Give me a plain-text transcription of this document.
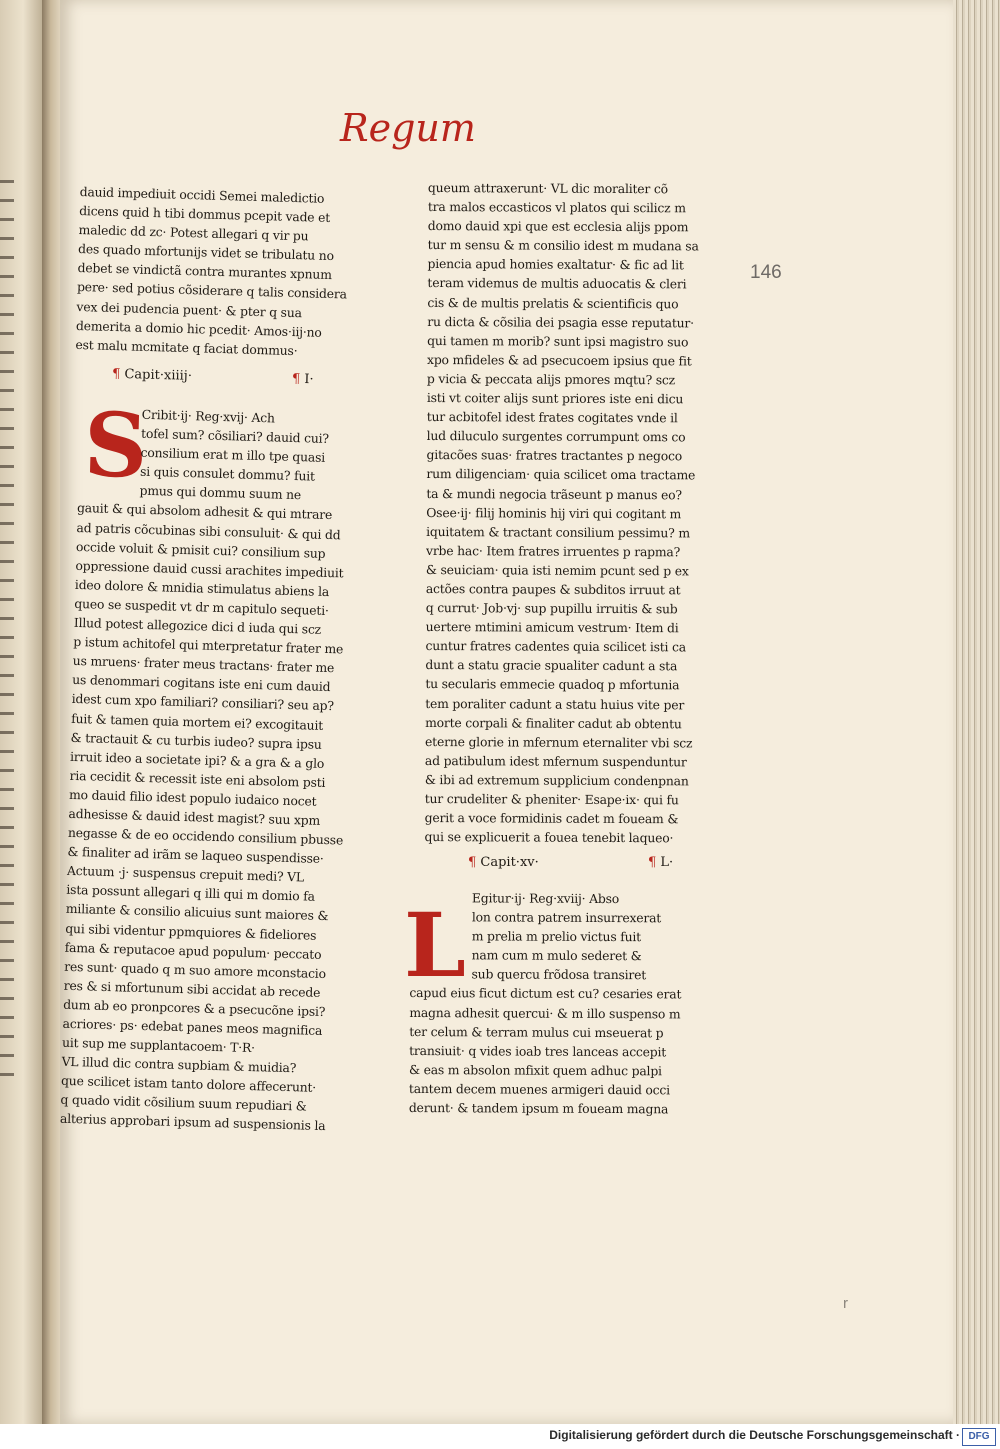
Regum
146
r
dauid impediuit occidi Semei maledictio
dicens quid h tibi dommus pcepit vade et
maledic dd zc· Potest allegari q vir pu
des quado mfortunijs videt se tribulatu no
debet se vindictã contra murantes xpnum
pere· sed potius cõsiderare q talis considera
vex dei pudencia puent· & pter q sua
demerita a domio hic pcedit· Amos·iij·no
est malu mcmitate q faciat dommus·
¶ Capit·xiiij·	¶ I·
S
Cribit·ij· Reg·xvij· Ach
tofel sum? cõsiliari? dauid cui?
consilium erat m illo tpe quasi
si quis consulet dommu? fuit
pmus qui dommu suum ne
gauit & qui absolom adhesit & qui mtrare
ad patris cõcubinas sibi consuluit· & qui dd
occide voluit & pmisit cui? consilium sup
oppressione dauid cussi arachites impediuit
ideo dolore & mnidia stimulatus abiens la
queo se suspedit vt dr m capitulo sequeti·
Illud potest allegozice dici d iuda qui scz
p istum achitofel qui mterpretatur frater me
us mruens· frater meus tractans· frater me
us denommari cogitans iste eni cum dauid
idest cum xpo familiari? consiliari? seu ap?
fuit & tamen quia mortem ei? excogitauit
& tractauit & cu turbis iudeo? supra ipsu
irruit ideo a societate ipi? & a gra & a glo
ria cecidit & recessit iste eni absolom psti
mo dauid filio idest populo iudaico nocet
adhesisse & dauid idest magist? suu xpm
negasse & de eo occidendo consilium pbusse
& finaliter ad irãm se laqueo suspendisse·
Actuum ·j· suspensus crepuit medi? VL
ista possunt allegari q illi qui m domio fa
miliante & consilio alicuius sunt maiores &
qui sibi videntur ppmquiores & fideliores
fama & reputacoe apud populum· peccato
res sunt· quado q m suo amore mconstacio
res & si mfortunum sibi accidat ab recede
dum ab eo pronpcores & a psecucõne ipsi?
acriores· ps· edebat panes meos magnifica
uit sup me supplantacoem· T·R·
VL illud dic contra supbiam & muidia?
que scilicet istam tanto dolore affecerunt·
q quado vidit cõsilium suum repudiari &
alterius approbari ipsum ad suspensionis la
queum attraxerunt· VL dic moraliter cõ
tra malos eccasticos vl platos qui scilicz m
domo dauid xpi que est ecclesia alijs ppom
tur m sensu & m consilio idest m mudana sa
piencia apud homies exaltatur· & fic ad lit
teram videmus de multis aduocatis & cleri
cis & de multis prelatis & scientificis quo
ru dicta & cõsilia dei psagia esse reputatur·
qui tamen m morib? sunt ipsi magistro suo
xpo mfideles & ad psecucoem ipsius que fit
p vicia & peccata alijs pmores mqtu? scz
isti vt coiter alijs sunt priores iste eni dicu
tur acbitofel idest frates cogitates vnde il
lud diluculo surgentes corrumpunt oms co
gitacões suas· fratres tractantes p negoco
rum diligenciam· quia scilicet oma tractame
ta & mundi negocia trãseunt p manus eo?
Osee·ij· filij hominis hij viri qui cogitant m
iquitatem & tractant consilium pessimu? m
vrbe hac· Item fratres irruentes p rapma?
& seuiciam· quia isti nemim pcunt sed p ex
actões contra paupes & subditos irruut at
q currut· Job·vj· sup pupillu irruitis & sub
uertere mtimini amicum vestrum· Item di
cuntur fratres cadentes quia scilicet isti ca
dunt a statu gracie spualiter cadunt a sta
tu secularis emmecie quadoq p mfortunia
tem poraliter cadunt a statu huius vite per
morte corpali & finaliter cadut ab obtentu
eterne glorie in mfernum eternaliter vbi scz
ad patibulum idest mfernum suspenduntur
& ibi ad extremum supplicium condenpnan
tur crudeliter & pheniter· Esape·ix· qui fu
gerit a voce formidinis cadet m foueam &
qui se explicuerit a fouea tenebit laqueo·
¶ Capit·xv·	¶ L·
L Egitur·ij· Reg·xviij· Abso
lon contra patrem insurrexerat
m prelia m prelio victus fuit
nam cum m mulo sederet &
sub quercu frõdosa transiret
capud eius ficut dictum est cu? cesaries erat
magna adhesit quercui· & m illo suspenso m
ter celum & terram mulus cui mseuerat p
transiuit· q vides ioab tres lanceas accepit
& eas m absolon mfixit quem adhuc palpi
tantem decem muenes armigeri dauid occi
derunt· & tandem ipsum m foueam magna
Digitalisierung gefördert durch die Deutsche Forschungsgemeinschaft · DFG
